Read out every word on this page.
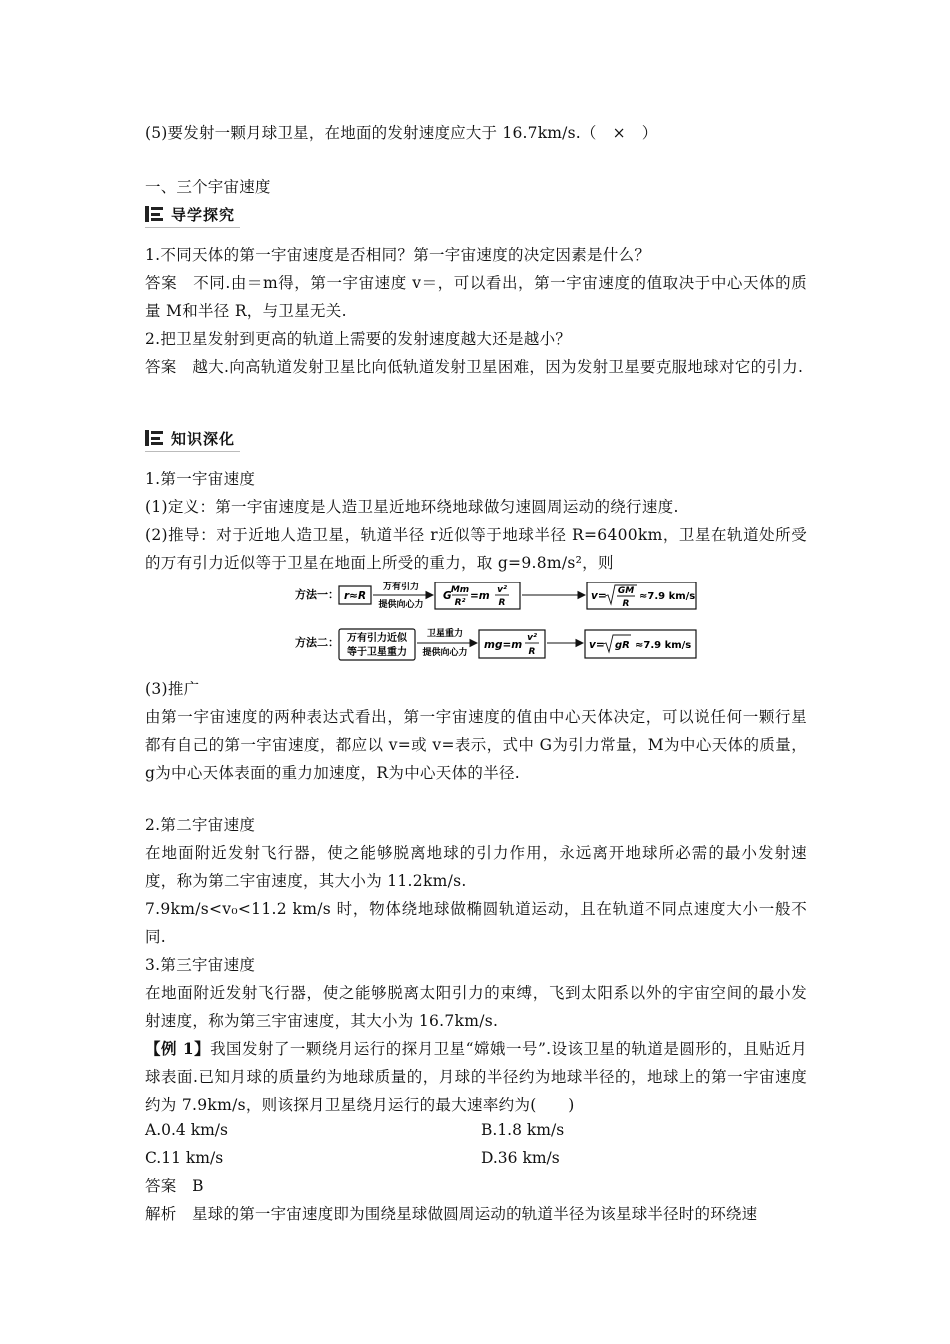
(5)要发射一颗月球卫星，在地面的发射速度应大于 16.7km/s.（ × ）
一、三个宇宙速度
导学探究
1.不同天体的第一宇宙速度是否相同？第一宇宙速度的决定因素是什么？
答案　不同.由＝m得，第一宇宙速度 v＝，可以看出，第一宇宙速度的值取决于中心天体的质量 M和半径 R，与卫星无关.
2.把卫星发射到更高的轨道上需要的发射速度越大还是越小？
答案　越大.向高轨道发射卫星比向低轨道发射卫星困难，因为发射卫星要克服地球对它的引力.
知识深化
1.第一宇宙速度
(1)定义：第一宇宙速度是人造卫星近地环绕地球做匀速圆周运动的绕行速度.
(2)推导：对于近地人造卫星，轨道半径 r近似等于地球半径 R=6400km，卫星在轨道处所受的万有引力近似等于卫星在地面上所受的重力，取 g=9.8m/s²，则
方法一： r≈R
万有引力
提供向心力
G Mm
R²
=m v²
R
v= GM
R
≈7.9 km/s
方法二： 万有引力近似
等于卫星重力
卫星重力
提供向心力
mg=m
v²
R
v= gR ≈7.9 km/s
(3)推广
由第一宇宙速度的两种表达式看出，第一宇宙速度的值由中心天体决定，可以说任何一颗行星都有自己的第一宇宙速度，都应以 v=或 v=表示，式中 G为引力常量，M为中心天体的质量，g为中心天体表面的重力加速度，R为中心天体的半径.
2.第二宇宙速度
在地面附近发射飞行器，使之能够脱离地球的引力作用，永远离开地球所必需的最小发射速度，称为第二宇宙速度，其大小为 11.2km/s.
7.9km/s<v₀<11.2 km/s 时，物体绕地球做椭圆轨道运动，且在轨道不同点速度大小一般不同.
3.第三宇宙速度
在地面附近发射飞行器，使之能够脱离太阳引力的束缚，飞到太阳系以外的宇宙空间的最小发射速度，称为第三宇宙速度，其大小为 16.7km/s.
【例 1】我国发射了一颗绕月运行的探月卫星“嫦娥一号”.设该卫星的轨道是圆形的，且贴近月球表面.已知月球的质量约为地球质量的，月球的半径约为地球半径的，地球上的第一宇宙速度约为 7.9km/s，则该探月卫星绕月运行的最大速率约为(　　)
A.0.4 km/s	B.1.8 km/s
C.11 km/s	D.36 km/s
答案　B
解析　星球的第一宇宙速度即为围绕星球做圆周运动的轨道半径为该星球半径时的环绕速
